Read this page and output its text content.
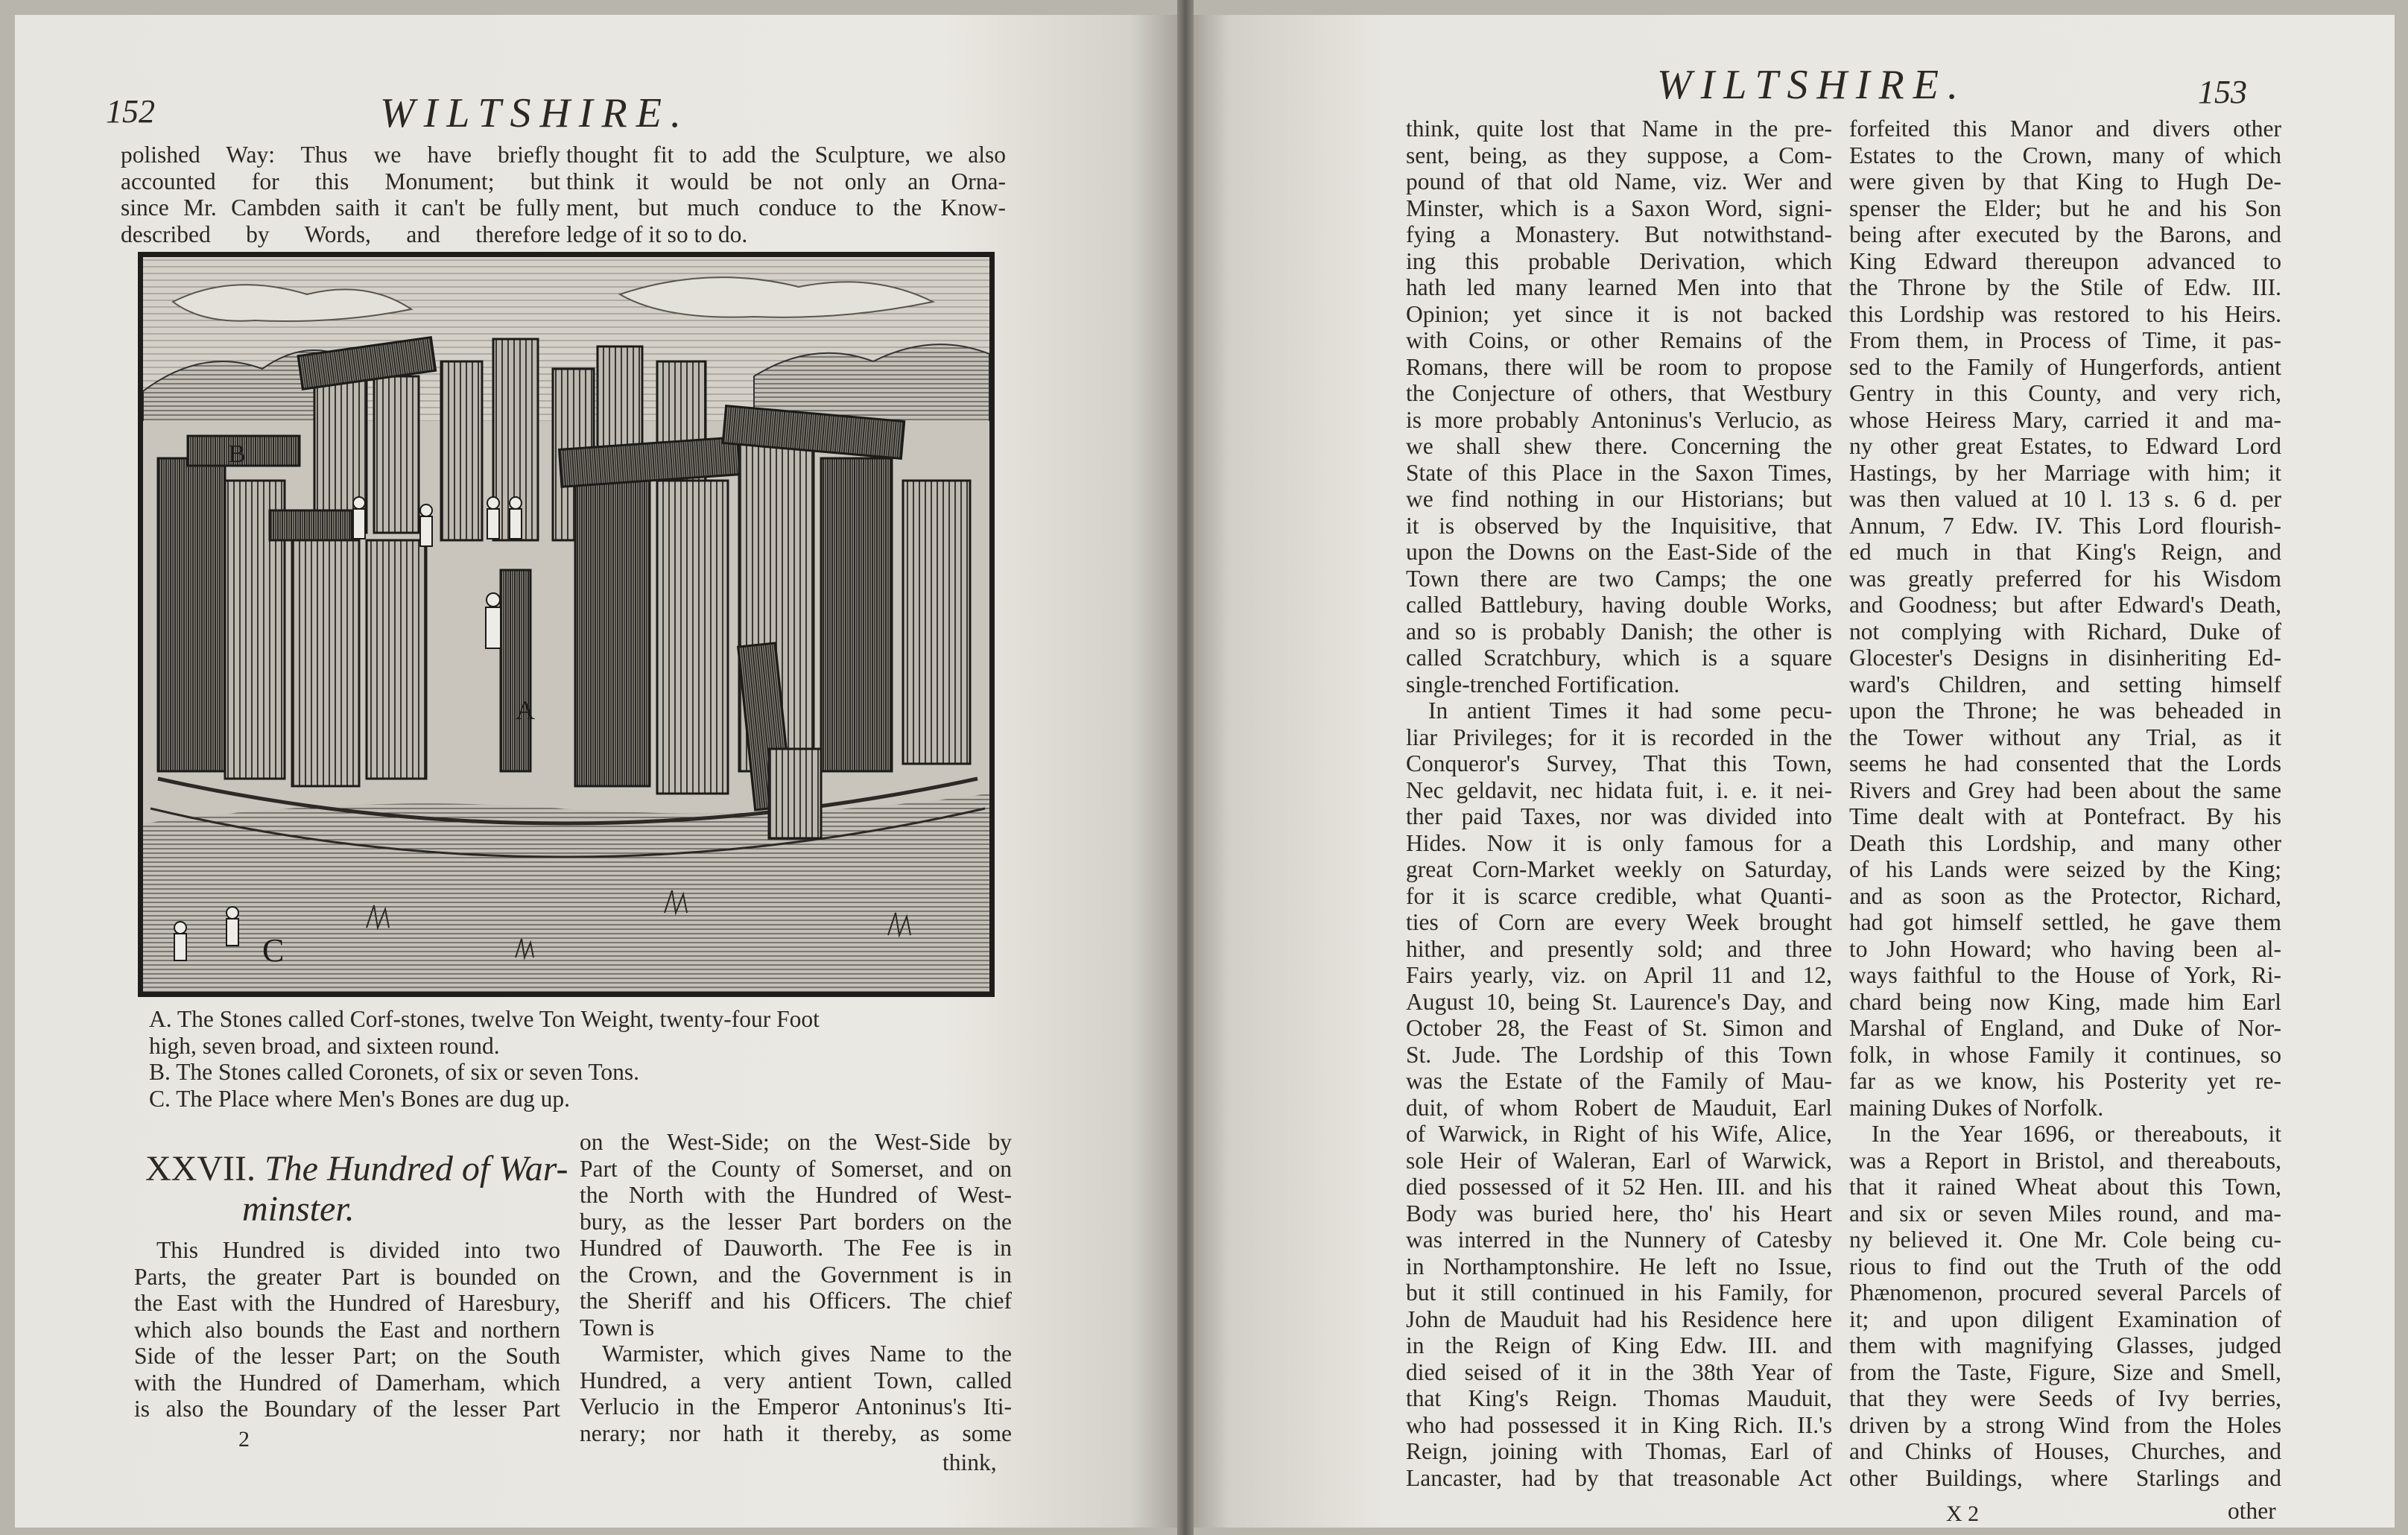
152	WILTSHIRE.
polished Way: Thus we have briefly
accounted for this Monument; but
since Mr. Cambden saith it can't be fully
described by Words, and therefore
thought fit to add the Sculpture, we also
think it would be not only an Orna-
ment, but much conduce to the Know-
ledge of it so to do.
B
A
C
A. The Stones called Corf-stones, twelve Ton Weight, twenty-four Foot
high, seven broad, and sixteen round.
B. The Stones called Coronets, of six or seven Tons.
C. The Place where Men's Bones are dug up.
XXVII. The Hundred of War-
minster.
This Hundred is divided into two
Parts, the greater Part is bounded on
the East with the Hundred of Haresbury,
which also bounds the East and northern
Side of the lesser Part; on the South
with the Hundred of Damerham, which
is also the Boundary of the lesser Part
on the West-Side; on the West-Side by
Part of the County of Somerset, and on
the North with the Hundred of West-
bury, as the lesser Part borders on the
Hundred of Dauworth. The Fee is in
the Crown, and the Government is in
the Sheriff and his Officers. The chief
Town is
Warmister, which gives Name to the
Hundred, a very antient Town, called
Verlucio in the Emperor Antoninus's Iti-
nerary; nor hath it thereby, as some
2
think,
WILTSHIRE.	153
think, quite lost that Name in the pre-
sent, being, as they suppose, a Com-
pound of that old Name, viz. Wer and
Minster, which is a Saxon Word, signi-
fying a Monastery. But notwithstand-
ing this probable Derivation, which
hath led many learned Men into that
Opinion; yet since it is not backed
with Coins, or other Remains of the
Romans, there will be room to propose
the Conjecture of others, that Westbury
is more probably Antoninus's Verlucio, as
we shall shew there. Concerning the
State of this Place in the Saxon Times,
we find nothing in our Historians; but
it is observed by the Inquisitive, that
upon the Downs on the East-Side of the
Town there are two Camps; the one
called Battlebury, having double Works,
and so is probably Danish; the other is
called Scratchbury, which is a square
single-trenched Fortification.
In antient Times it had some pecu-
liar Privileges; for it is recorded in the
Conqueror's Survey, That this Town,
Nec geldavit, nec hidata fuit, i. e. it nei-
ther paid Taxes, nor was divided into
Hides. Now it is only famous for a
great Corn-Market weekly on Saturday,
for it is scarce credible, what Quanti-
ties of Corn are every Week brought
hither, and presently sold; and three
Fairs yearly, viz. on April 11 and 12,
August 10, being St. Laurence's Day, and
October 28, the Feast of St. Simon and
St. Jude. The Lordship of this Town
was the Estate of the Family of Mau-
duit, of whom Robert de Mauduit, Earl
of Warwick, in Right of his Wife, Alice,
sole Heir of Waleran, Earl of Warwick,
died possessed of it 52 Hen. III. and his
Body was buried here, tho' his Heart
was interred in the Nunnery of Catesby
in Northamptonshire. He left no Issue,
but it still continued in his Family, for
John de Mauduit had his Residence here
in the Reign of King Edw. III. and
died seised of it in the 38th Year of
that King's Reign. Thomas Mauduit,
who had possessed it in King Rich. II.'s
Reign, joining with Thomas, Earl of
Lancaster, had by that treasonable Act
forfeited this Manor and divers other
Estates to the Crown, many of which
were given by that King to Hugh De-
spenser the Elder; but he and his Son
being after executed by the Barons, and
King Edward thereupon advanced to
the Throne by the Stile of Edw. III.
this Lordship was restored to his Heirs.
From them, in Process of Time, it pas-
sed to the Family of Hungerfords, antient
Gentry in this County, and very rich,
whose Heiress Mary, carried it and ma-
ny other great Estates, to Edward Lord
Hastings, by her Marriage with him; it
was then valued at 10 l. 13 s. 6 d. per
Annum, 7 Edw. IV. This Lord flourish-
ed much in that King's Reign, and
was greatly preferred for his Wisdom
and Goodness; but after Edward's Death,
not complying with Richard, Duke of
Glocester's Designs in disinheriting Ed-
ward's Children, and setting himself
upon the Throne; he was beheaded in
the Tower without any Trial, as it
seems he had consented that the Lords
Rivers and Grey had been about the same
Time dealt with at Pontefract. By his
Death this Lordship, and many other
of his Lands were seized by the King;
and as soon as the Protector, Richard,
had got himself settled, he gave them
to John Howard; who having been al-
ways faithful to the House of York, Ri-
chard being now King, made him Earl
Marshal of England, and Duke of Nor-
folk, in whose Family it continues, so
far as we know, his Posterity yet re-
maining Dukes of Norfolk.
In the Year 1696, or thereabouts, it
was a Report in Bristol, and thereabouts,
that it rained Wheat about this Town,
and six or seven Miles round, and ma-
ny believed it. One Mr. Cole being cu-
rious to find out the Truth of the odd
Phænomenon, procured several Parcels of
it; and upon diligent Examination of
them with magnifying Glasses, judged
from the Taste, Figure, Size and Smell,
that they were Seeds of Ivy berries,
driven by a strong Wind from the Holes
and Chinks of Houses, Churches, and
other Buildings, where Starlings and
X 2	other
